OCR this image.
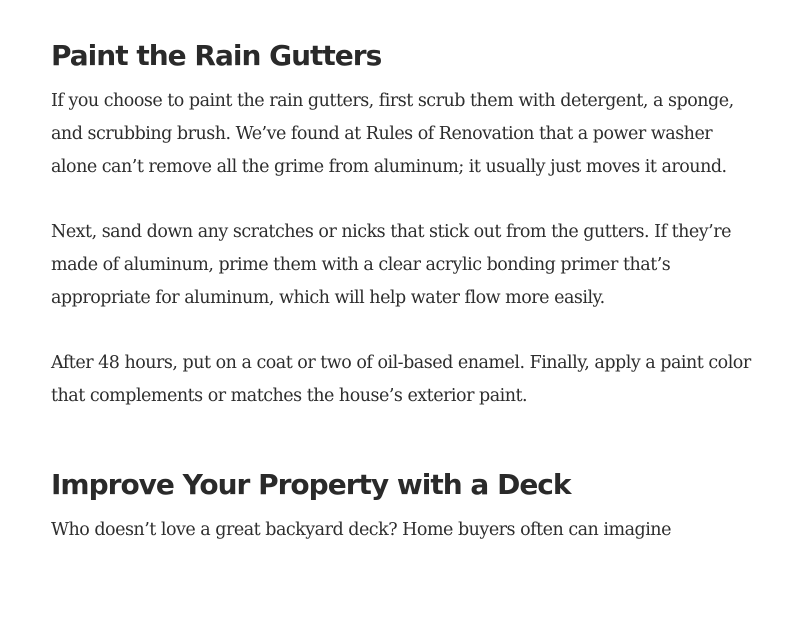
Paint the Rain Gutters

If you choose to paint the rain gutters, first scrub them with detergent, a sponge, and scrubbing brush. We’ve found at Rules of Renovation that a power washer alone can’t remove all the grime from aluminum; it usually just moves it around.

Next, sand down any scratches or nicks that stick out from the gutters. If they’re made of aluminum, prime them with a clear acrylic bonding primer that’s appropriate for aluminum, which will help water flow more easily.

After 48 hours, put on a coat or two of oil-based enamel. Finally, apply a paint color that complements or matches the house’s exterior paint.

Improve Your Property with a Deck

Who doesn’t love a great backyard deck? Home buyers often can imagine
